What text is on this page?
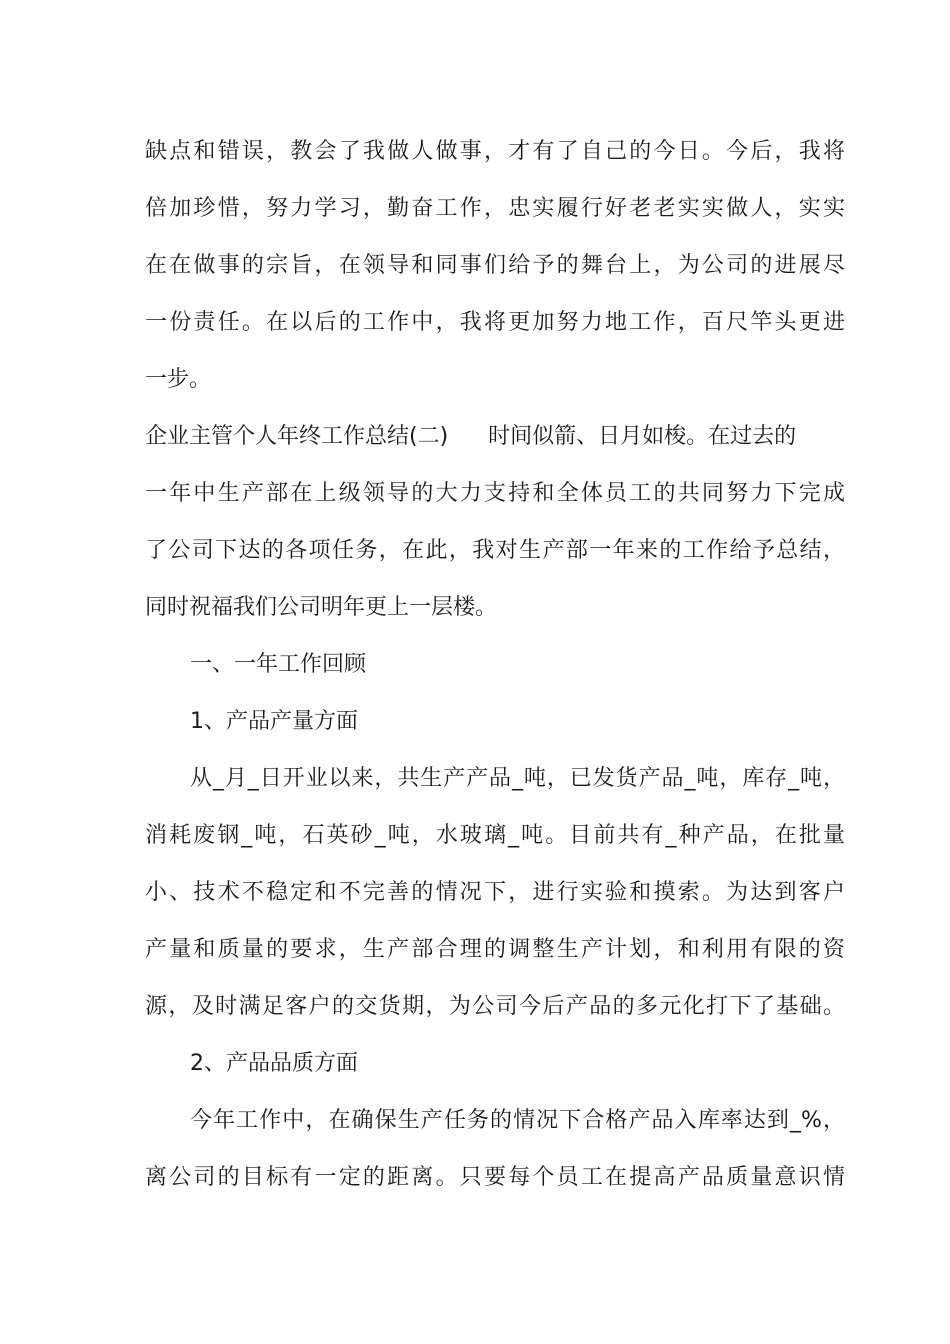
缺点和错误，教会了我做人做事，才有了自己的今日。今后，我将
倍加珍惜，努力学习，勤奋工作，忠实履行好老老实实做人，实实
在在做事的宗旨，在领导和同事们给予的舞台上，为公司的进展尽
一份责任。在以后的工作中，我将更加努力地工作，百尺竿头更进
一步。
企业主管个人年终工作总结(二) 时间似箭、日月如梭。在过去的
一年中生产部在上级领导的大力支持和全体员工的共同努力下完成
了公司下达的各项任务，在此，我对生产部一年来的工作给予总结，
同时祝福我们公司明年更上一层楼。
一、一年工作回顾
1、产品产量方面
从_月_日开业以来，共生产产品_吨，已发货产品_吨，库存_吨，
消耗废钢_吨，石英砂_吨，水玻璃_吨。目前共有_种产品，在批量
小、技术不稳定和不完善的情况下，进行实验和摸索。为达到客户
产量和质量的要求，生产部合理的调整生产计划，和利用有限的资
源，及时满足客户的交货期，为公司今后产品的多元化打下了基础。
2、产品品质方面
今年工作中，在确保生产任务的情况下合格产品入库率达到_%，
离公司的目标有一定的距离。只要每个员工在提高产品质量意识情
